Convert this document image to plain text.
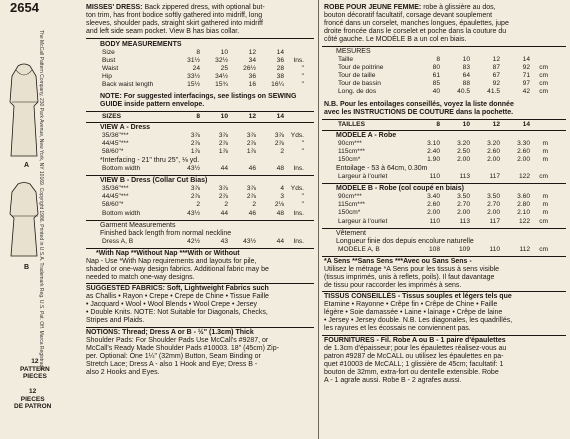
2654
The McCall Pattern Company, 230 Park Avenue, New York, NY 10169. Copyright 1986. Printed in U.S.A. Trademark Reg. U.S. Pat. Off. Marca Registrada
A
B
12
PATTERN
PIECES
12
PIECES
DE PATRON
MISSES' DRESS: Back zippered dress, with optional but-
ton trim, has front bodice softly gathered into midriff, long
sleeves, shoulder pads, straight skirt gathered into midriff
and left side seam pocket. View B has bias collar.
BODY MEASUREMENTS
Size	8	10	12	14	
Bust	31½	32½	34	36	Ins.
Waist	24	25	26½	28	"
Hip	33½	34½	36	38	"
Back waist length	15½	15¾	16	16¼	"
NOTE: For suggested interfacings, see listings on SEWING
GUIDE inside pattern envelope.
SIZES	8	10	12	14	
VIEW A - Dress
35/36"***	3⅞	3⅞	3⅞	3⅞	Yds.
44/45"***	2⅞	2⅞	2⅞	2⅞	"
58/60"*	1⅞	1⅞	1⅞	2	"
*Interfacing - 21" thru 25", ⅛ yd.
Bottom width	43½	44	46	48	Ins.
VIEW B - Dress (Collar Cut Bias)
35/36"***	3⅞	3⅞	3⅞	4	Yds.
44/45"***	2⅞	2⅞	2⅞	3	"
58/60"*	2	2	2	2⅛	"
Bottom width	43½	44	46	48	Ins.
Garment Measurements
Finished back length from normal neckline
Dress A, B	42½	43	43½	44	Ins.
*With Nap **Without Nap ***With or Without
Nap - Use *With Nap requirements and layouts for pile,
shaded or one-way design fabrics. Additional fabric may be
needed to match one-way designs.
SUGGESTED FABRICS: Soft, Lightweight Fabrics such
as Challis • Rayon • Crepe • Crepe de Chine • Tissue Faille
• Jacquard • Wool • Wool Blends • Wool Crepe • Jersey
• Double Knits. NOTE: Not Suitable for Diagonals, Checks,
Stripes and Plaids.
NOTIONS: Thread; Dress A or B - ½" (1.3cm) Thick
Shoulder Pads: For Shoulder Pads Use McCall's #9287, or
McCall's Ready Made Shoulder Pads #10003. 18" (45cm) Zip-
per. Optional: One 1¼" (32mm) Button, Seam Binding or
Stretch Lace; Dress A - also 1 Hook and Eye; Dress B -
also 2 Hooks and Eyes.
ROBE POUR JEUNE FEMME: robe à glissière au dos,
bouton décoratif facultatif, corsage devant souplement
froncé dans un corselet, manches longues, épaulettes, jupe
droite froncée dans le corselet et poche dans la couture du
côté gauche. Le MODÈLE B a un col en biais.
MESURES
Taille	8	10	12	14	
Tour de poitrine	80	83	87	92	cm
Tour de taille	61	64	67	71	cm
Tour de bassin	85	88	92	97	cm
Long. de dos	40	40.5	41.5	42	cm
N.B. Pour les entoilages conseillés, voyez la liste donnée
avec les INSTRUCTIONS DE COUTURE dans la pochette.
TAILLES	8	10	12	14	
MODELE A - Robe
90cm***	3.10	3.20	3.20	3.30	m
115cm***	2.40	2.50	2.60	2.60	m
150cm*	1.90	2.00	2.00	2.00	m
Entoilage - 53 à 64cm, 0.30m
Largeur à l'ourlet	110	113	117	122	cm
MODELE B - Robe (col coupé en biais)
90cm***	3.40	3.50	3.50	3.60	m
115cm***	2.60	2.70	2.70	2.80	m
150cm*	2.00	2.00	2.00	2.10	m
Largeur à l'ourlet	110	113	117	122	cm
Vêtement
Longueur finie dos depuis encolure naturelle
MODELE A, B	108	109	110	112	cm
*A Sens **Sans Sens ***Avec ou Sans Sens -
Utilisez le métrage *A Sens pour les tissus à sens visible
(tissus imprimés, unis à reflets, poils). Il faut davantage
de tissu pour raccorder les imprimés à sens.
TISSUS CONSEILLÉS - Tissus souples et légers tels que
Etamine • Rayonne • Crêpe fin • Crêpe de Chine • Faille
légère • Soie damassée • Laine • lainage • Crêpe de laine
• Jersey • Jersey double. N.B. Les diagonales, les quadrillés,
les rayures et les écossais ne conviennent pas.
FOURNITURES - Fil. Robe A ou B - 1 paire d'épaulettes
de 1.3cm d'épaisseur; pour les épaulettes réalisez-vous au
patron #9287 de McCALL ou utilisez les épaulettes en pa-
quet #10003 de McCALL; 1 glissière de 45cm; facultatif: 1
bouton de 32mm, extra-fort ou dentelle extensible. Robe
A - 1 agrafe aussi. Robe B - 2 agrafes aussi.
